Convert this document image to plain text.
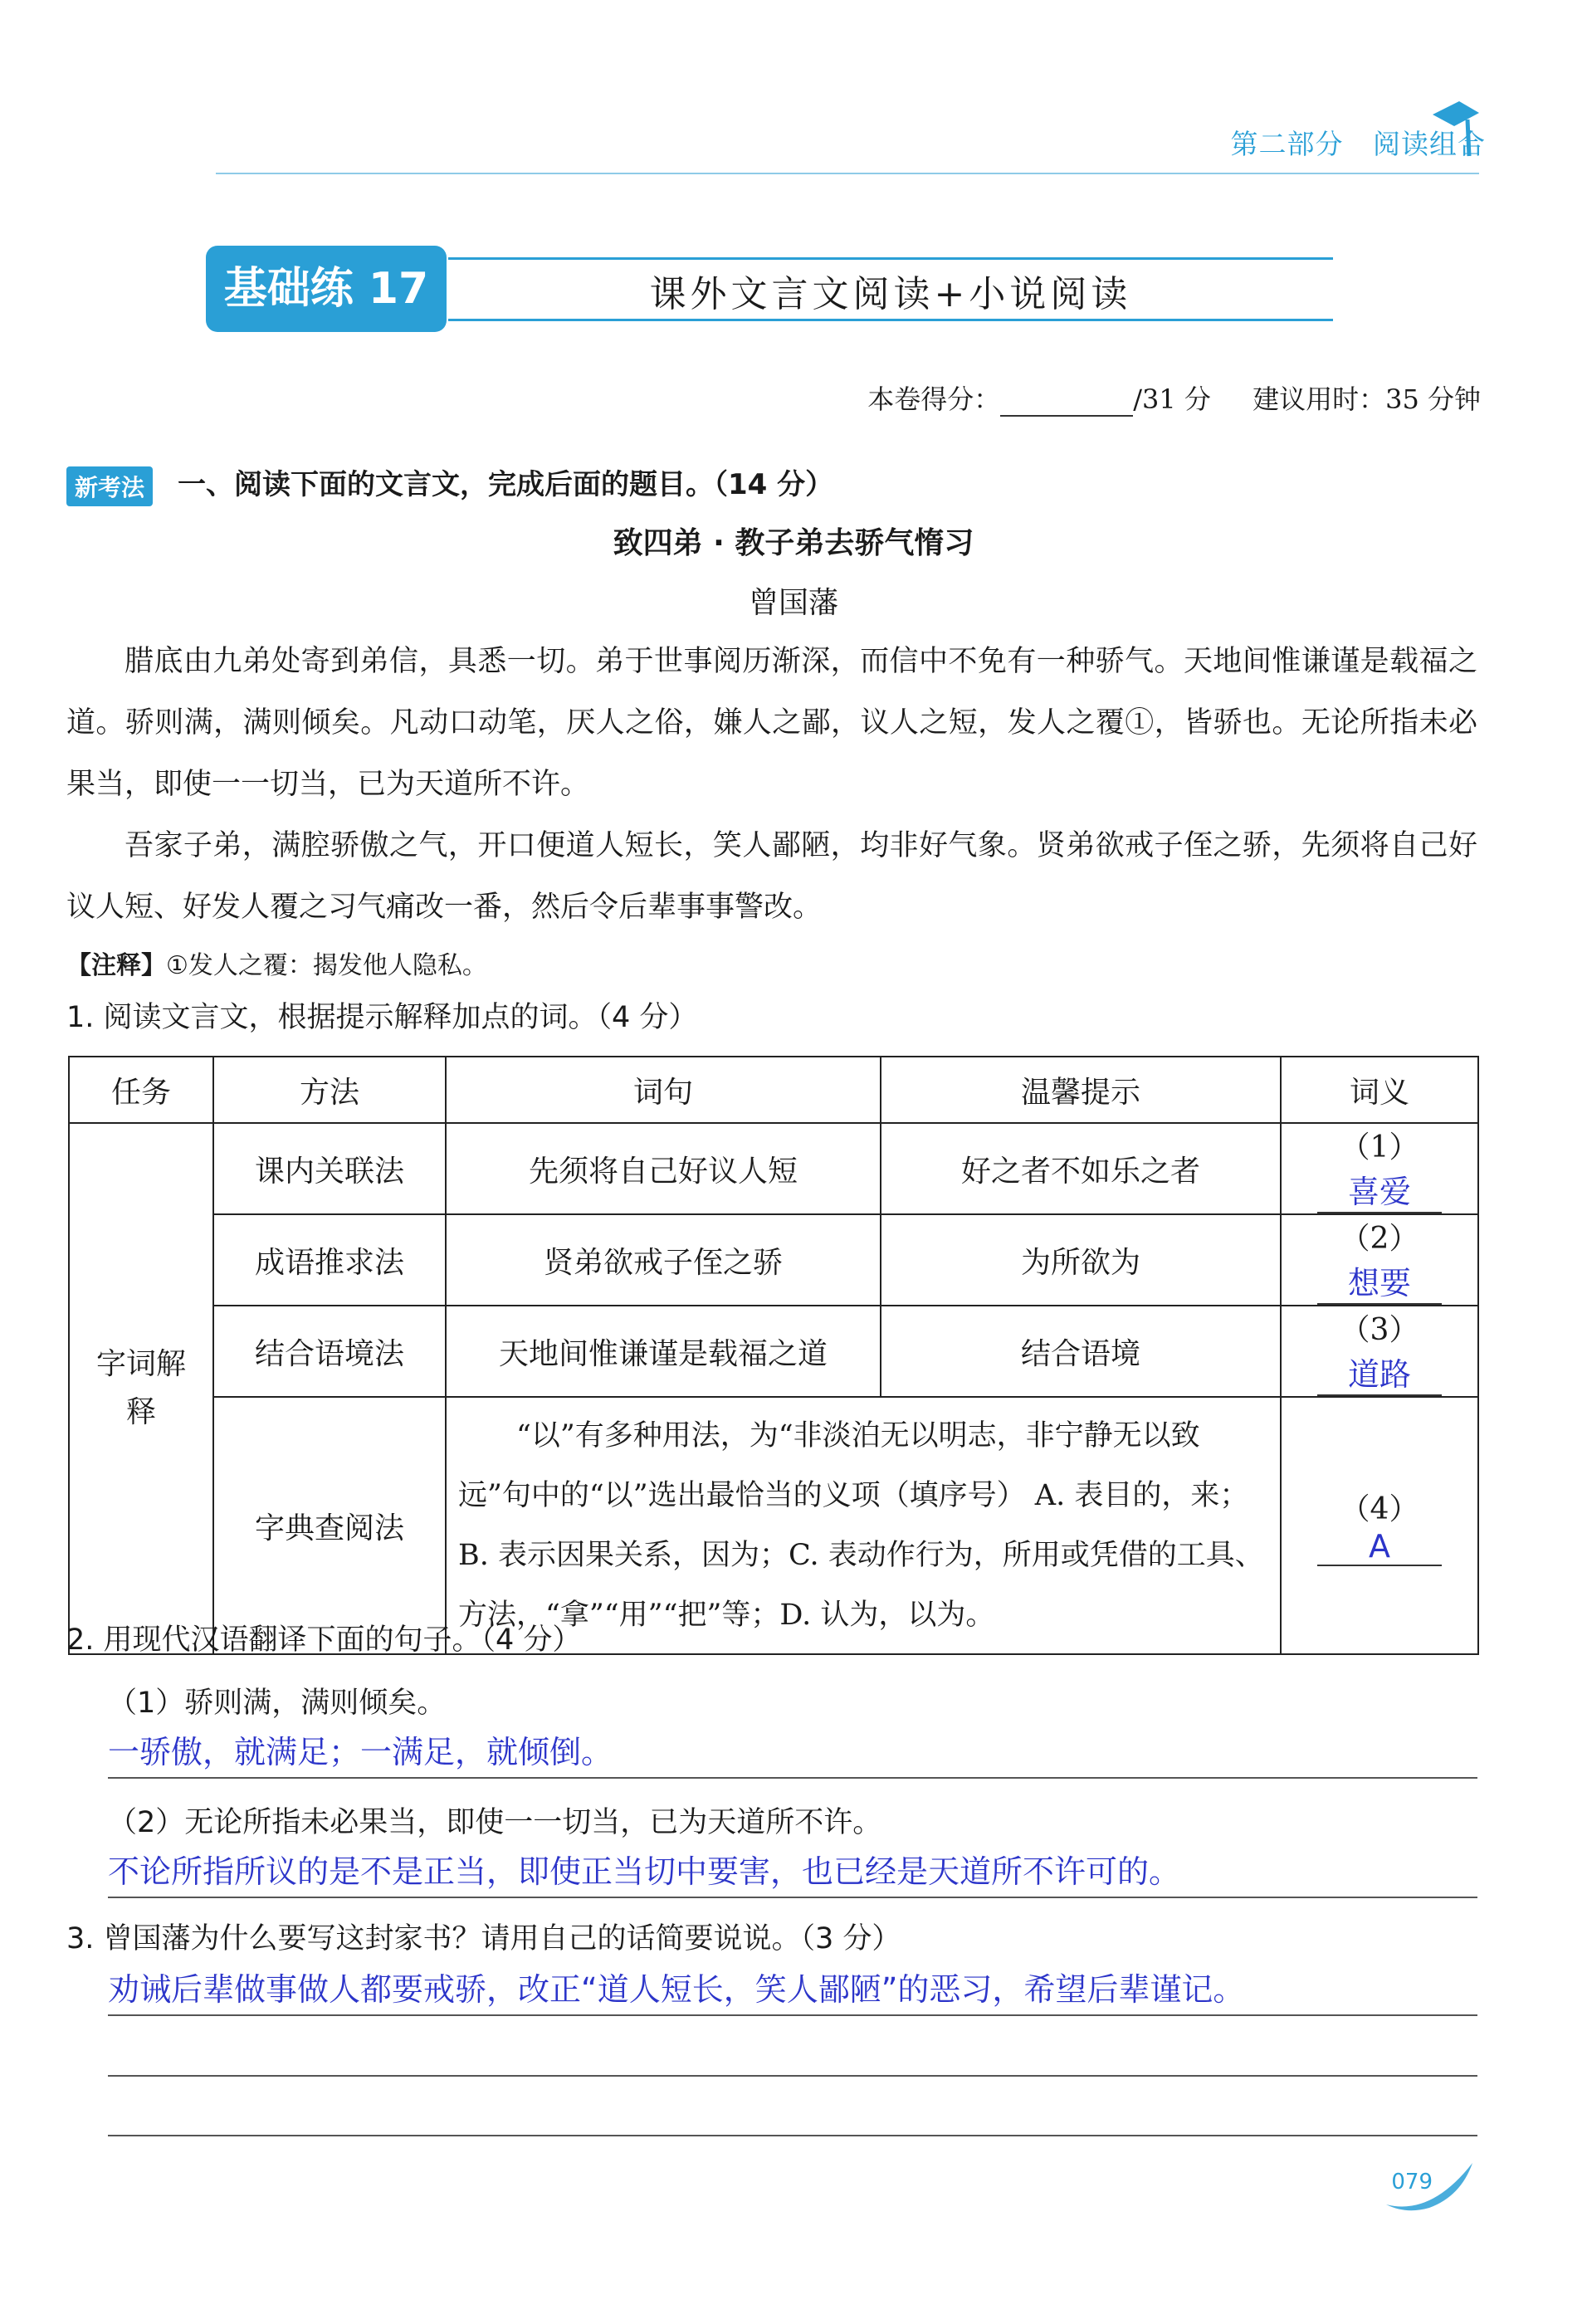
第二部分 阅读组合
基础练 17	课外文言文阅读+小说阅读
本卷得分：	/31 分 建议用时：35 分钟
新考法 一、阅读下面的文言文，完成后面的题目。（14 分）
致四弟 · 教子弟去骄气惰习
曾国藩
腊底由九弟处寄到弟信，具悉一切。弟于世事阅历渐深，而信中不免有一种骄气。天地间惟谦谨是载福之道。骄则满，满则倾矣。凡动口动笔，厌人之俗，嫌人之鄙，议人之短，发人之覆①，皆骄也。无论所指未必果当，即使一一切当，已为天道所不许。
吾家子弟，满腔骄傲之气，开口便道人短长，笑人鄙陋，均非好气象。贤弟欲戒子侄之骄，先须将自己好议人短、好发人覆之习气痛改一番，然后令后辈事事警改。
【注释】①发人之覆：揭发他人隐私。
1. 阅读文言文，根据提示解释加点的词。（4 分）
任务	方法	词句	温馨提示	词义
字词解释	课内关联法	先须将自己好议人短	好之者不如乐之者	（1）喜爱
	成语推求法	贤弟欲戒子侄之骄	为所欲为	（2）想要
	结合语境法	天地间惟谦谨是载福之道	结合语境	（3）道路
	字典查阅法	“以”有多种用法，为“非淡泊无以明志，非宁静无以致远”句中的“以”选出最恰当的义项（填序号） A. 表目的，来；B. 表示因果关系，因为；C. 表动作行为，所用或凭借的工具、方法，“拿”“用”“把”等；D. 认为，以为。		（4）A
2. 用现代汉语翻译下面的句子。（4 分）
（1）骄则满，满则倾矣。
一骄傲，就满足；一满足，就倾倒。
（2）无论所指未必果当，即使一一切当，已为天道所不许。
不论所指所议的是不是正当，即使正当切中要害，也已经是天道所不许可的。
3. 曾国藩为什么要写这封家书？请用自己的话简要说说。（3 分）
劝诫后辈做事做人都要戒骄，改正“道人短长，笑人鄙陋”的恶习，希望后辈谨记。
079
